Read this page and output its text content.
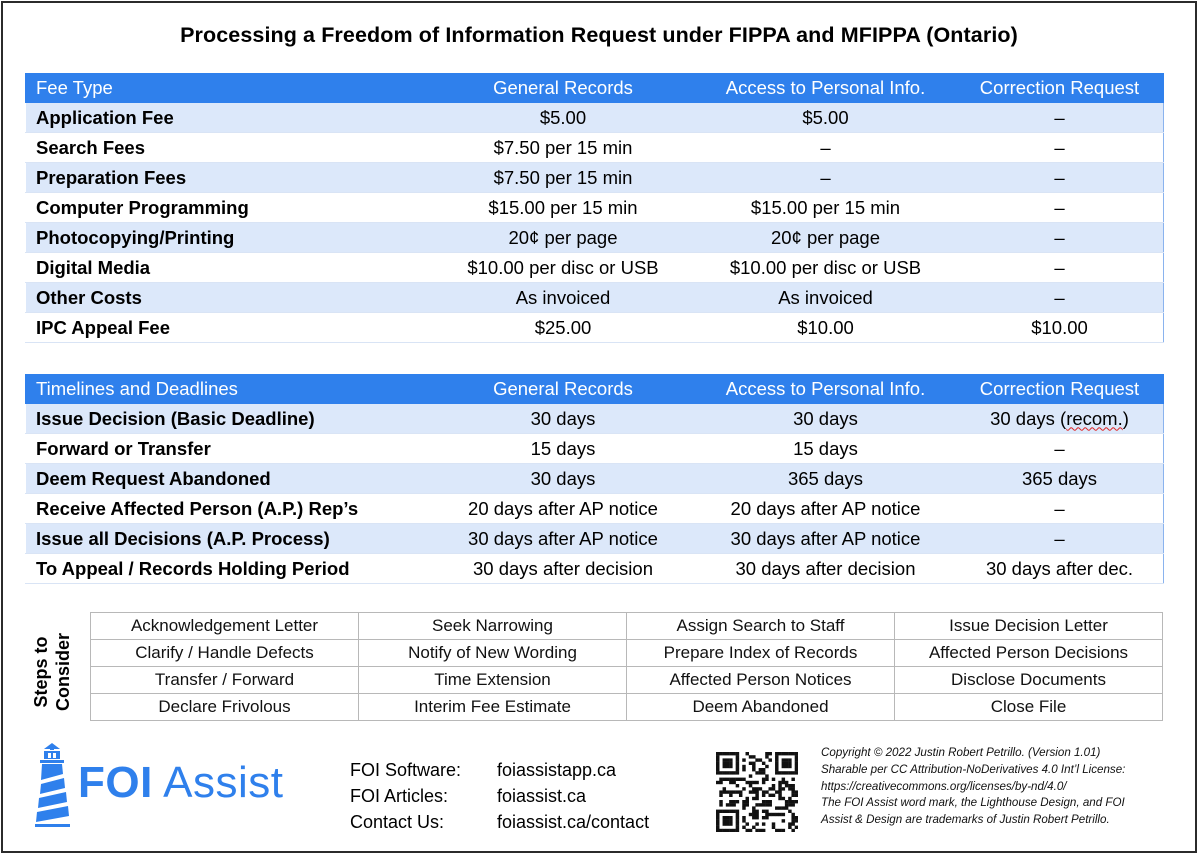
Processing a Freedom of Information Request under FIPPA and MFIPPA (Ontario)
Fee Type	General Records	Access to Personal Info.	Correction Request
Application Fee	$5.00	$5.00	–
Search Fees	$7.50 per 15 min	–	–
Preparation Fees	$7.50 per 15 min	–	–
Computer Programming	$15.00 per 15 min	$15.00 per 15 min	–
Photocopying/Printing	20¢ per page	20¢ per page	–
Digital Media	$10.00 per disc or USB	$10.00 per disc or USB	–
Other Costs	As invoiced	As invoiced	–
IPC Appeal Fee	$25.00	$10.00	$10.00
Timelines and Deadlines	General Records	Access to Personal Info.	Correction Request
Issue Decision (Basic Deadline)	30 days	30 days	30 days (recom.)
Forward or Transfer	15 days	15 days	–
Deem Request Abandoned	30 days	365 days	365 days
Receive Affected Person (A.P.) Rep’s	20 days after AP notice	20 days after AP notice	–
Issue all Decisions (A.P. Process)	30 days after AP notice	30 days after AP notice	–
To Appeal / Records Holding Period	30 days after decision	30 days after decision	30 days after dec.
Steps to Consider
Acknowledgement Letter	Seek Narrowing	Assign Search to Staff	Issue Decision Letter
Clarify / Handle Defects	Notify of New Wording	Prepare Index of Records	Affected Person Decisions
Transfer / Forward	Time Extension	Affected Person Notices	Disclose Documents
Declare Frivolous	Interim Fee Estimate	Deem Abandoned	Close File
FOI Assist	FOI Software:	foiassistapp.ca
FOI Articles:	foiassist.ca
Contact Us:	foiassist.ca/contact
Copyright © 2022 Justin Robert Petrillo. (Version 1.01)
Sharable per CC Attribution-NoDerivatives 4.0 Int’l License:
https://creativecommons.org/licenses/by-nd/4.0/
The FOI Assist word mark, the Lighthouse Design, and FOI
Assist & Design are trademarks of Justin Robert Petrillo.
